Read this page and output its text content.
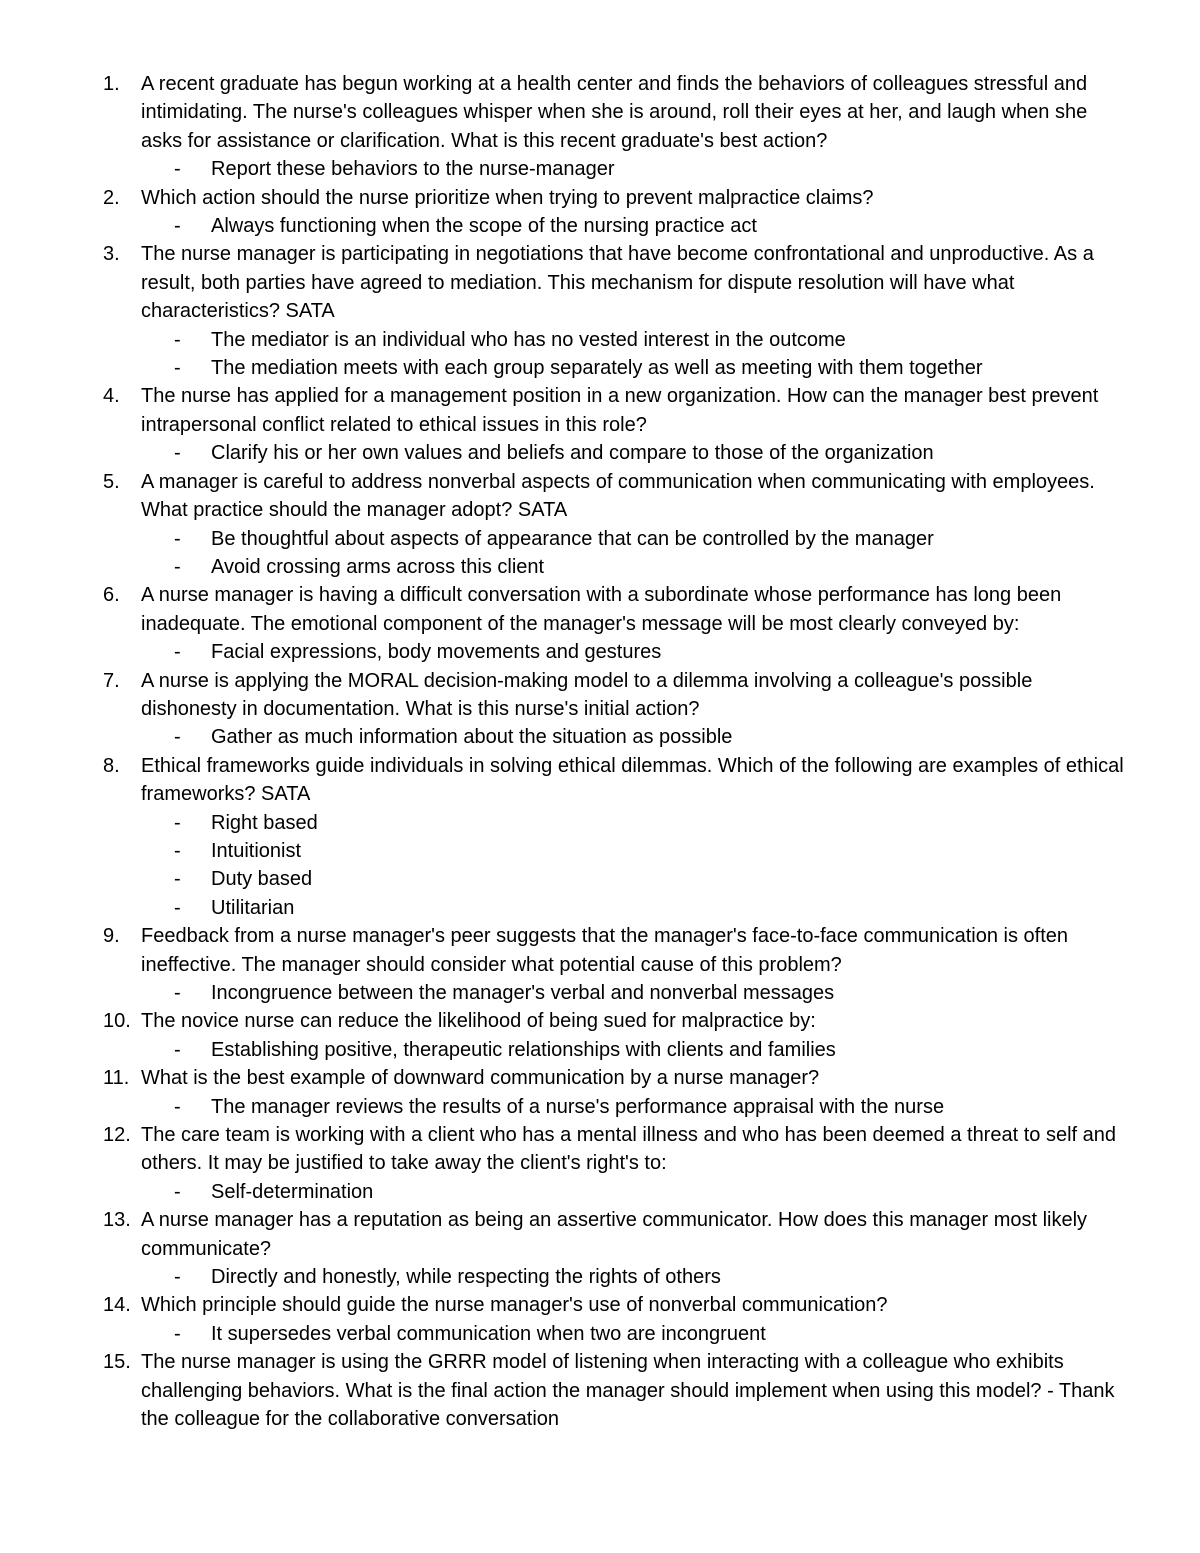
1.	A recent graduate has begun working at a health center and finds the behaviors of colleagues stressful and intimidating. The nurse's colleagues whisper when she is around, roll their eyes at her, and laugh when she asks for assistance or clarification. What is this recent graduate's best action?

- Report these behaviors to the nurse-manager
2.	Which action should the nurse prioritize when trying to prevent malpractice claims?

- Always functioning when the scope of the nursing practice act
3.	The nurse manager is participating in negotiations that have become confrontational and unproductive. As a result, both parties have agreed to mediation. This mechanism for dispute resolution will have what characteristics? SATA

- The mediator is an individual who has no vested interest in the outcome
- The mediation meets with each group separately as well as meeting with them together
4.	The nurse has applied for a management position in a new organization. How can the manager best prevent intrapersonal conflict related to ethical issues in this role?

- Clarify his or her own values and beliefs and compare to those of the organization
5.	A manager is careful to address nonverbal aspects of communication when communicating with employees. What practice should the manager adopt? SATA

- Be thoughtful about aspects of appearance that can be controlled by the manager
- Avoid crossing arms across this client
6.	A nurse manager is having a difficult conversation with a subordinate whose performance has long been inadequate. The emotional component of the manager's message will be most clearly conveyed by:

- Facial expressions, body movements and gestures
7.	A nurse is applying the MORAL decision-making model to a dilemma involving a colleague's possible dishonesty in documentation. What is this nurse's initial action?

- Gather as much information about the situation as possible
8.	Ethical frameworks guide individuals in solving ethical dilemmas. Which of the following are examples of ethical frameworks? SATA

- Right based
- Intuitionist
- Duty based
- Utilitarian
9.	Feedback from a nurse manager's peer suggests that the manager's face-to-face communication is often ineffective. The manager should consider what potential cause of this problem?

- Incongruence between the manager's verbal and nonverbal messages
10. The novice nurse can reduce the likelihood of being sued for malpractice by:

- Establishing positive, therapeutic relationships with clients and families
11. What is the best example of downward communication by a nurse manager?

- The manager reviews the results of a nurse's performance appraisal with the nurse
12. The care team is working with a client who has a mental illness and who has been deemed a threat to self and others. It may be justified to take away the client's right's to:

- Self-determination
13. A nurse manager has a reputation as being an assertive communicator. How does this manager most likely communicate?

- Directly and honestly, while respecting the rights of others
14. Which principle should guide the nurse manager's use of nonverbal communication?

- It supersedes verbal communication when two are incongruent
15. The nurse manager is using the GRRR model of listening when interacting with a colleague who exhibits challenging behaviors. What is the final action the manager should implement when using this model? - Thank the colleague for the collaborative conversation
